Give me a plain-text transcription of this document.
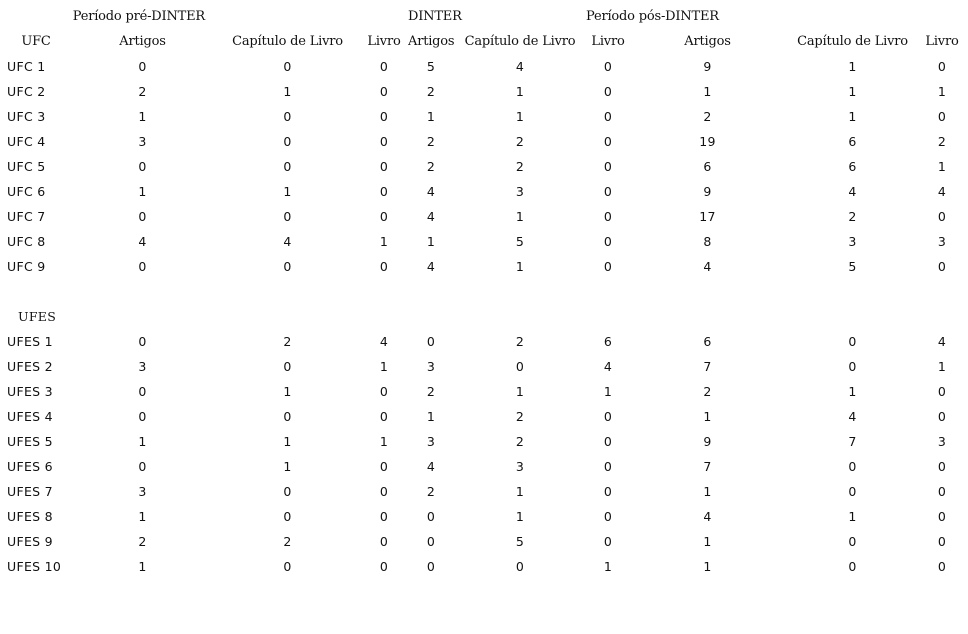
Período pré-DINTER				DINTER		Período pós-DINTER			
UFC	Artigos	Capítulo de Livro	Livro	Artigos	Capítulo de Livro	Livro	Artigos	Capítulo de Livro	Livro
UFC 1	0	0	0	5	4	0	9	1	0
UFC 2	2	1	0	2	1	0	1	1	1
UFC 3	1	0	0	1	1	0	2	1	0
UFC 4	3	0	0	2	2	0	19	6	2
UFC 5	0	0	0	2	2	0	6	6	1
UFC 6	1	1	0	4	3	0	9	4	4
UFC 7	0	0	0	4	1	0	17	2	0
UFC 8	4	4	1	1	5	0	8	3	3
UFC 9	0	0	0	4	1	0	4	5	0

UFES									
UFES 1	0	2	4	0	2	6	6	0	4
UFES 2	3	0	1	3	0	4	7	0	1
UFES 3	0	1	0	2	1	1	2	1	0
UFES 4	0	0	0	1	2	0	1	4	0
UFES 5	1	1	1	3	2	0	9	7	3
UFES 6	0	1	0	4	3	0	7	0	0
UFES 7	3	0	0	2	1	0	1	0	0
UFES 8	1	0	0	0	1	0	4	1	0
UFES 9	2	2	0	0	5	0	1	0	0
UFES 10	1	0	0	0	0	1	1	0	0
